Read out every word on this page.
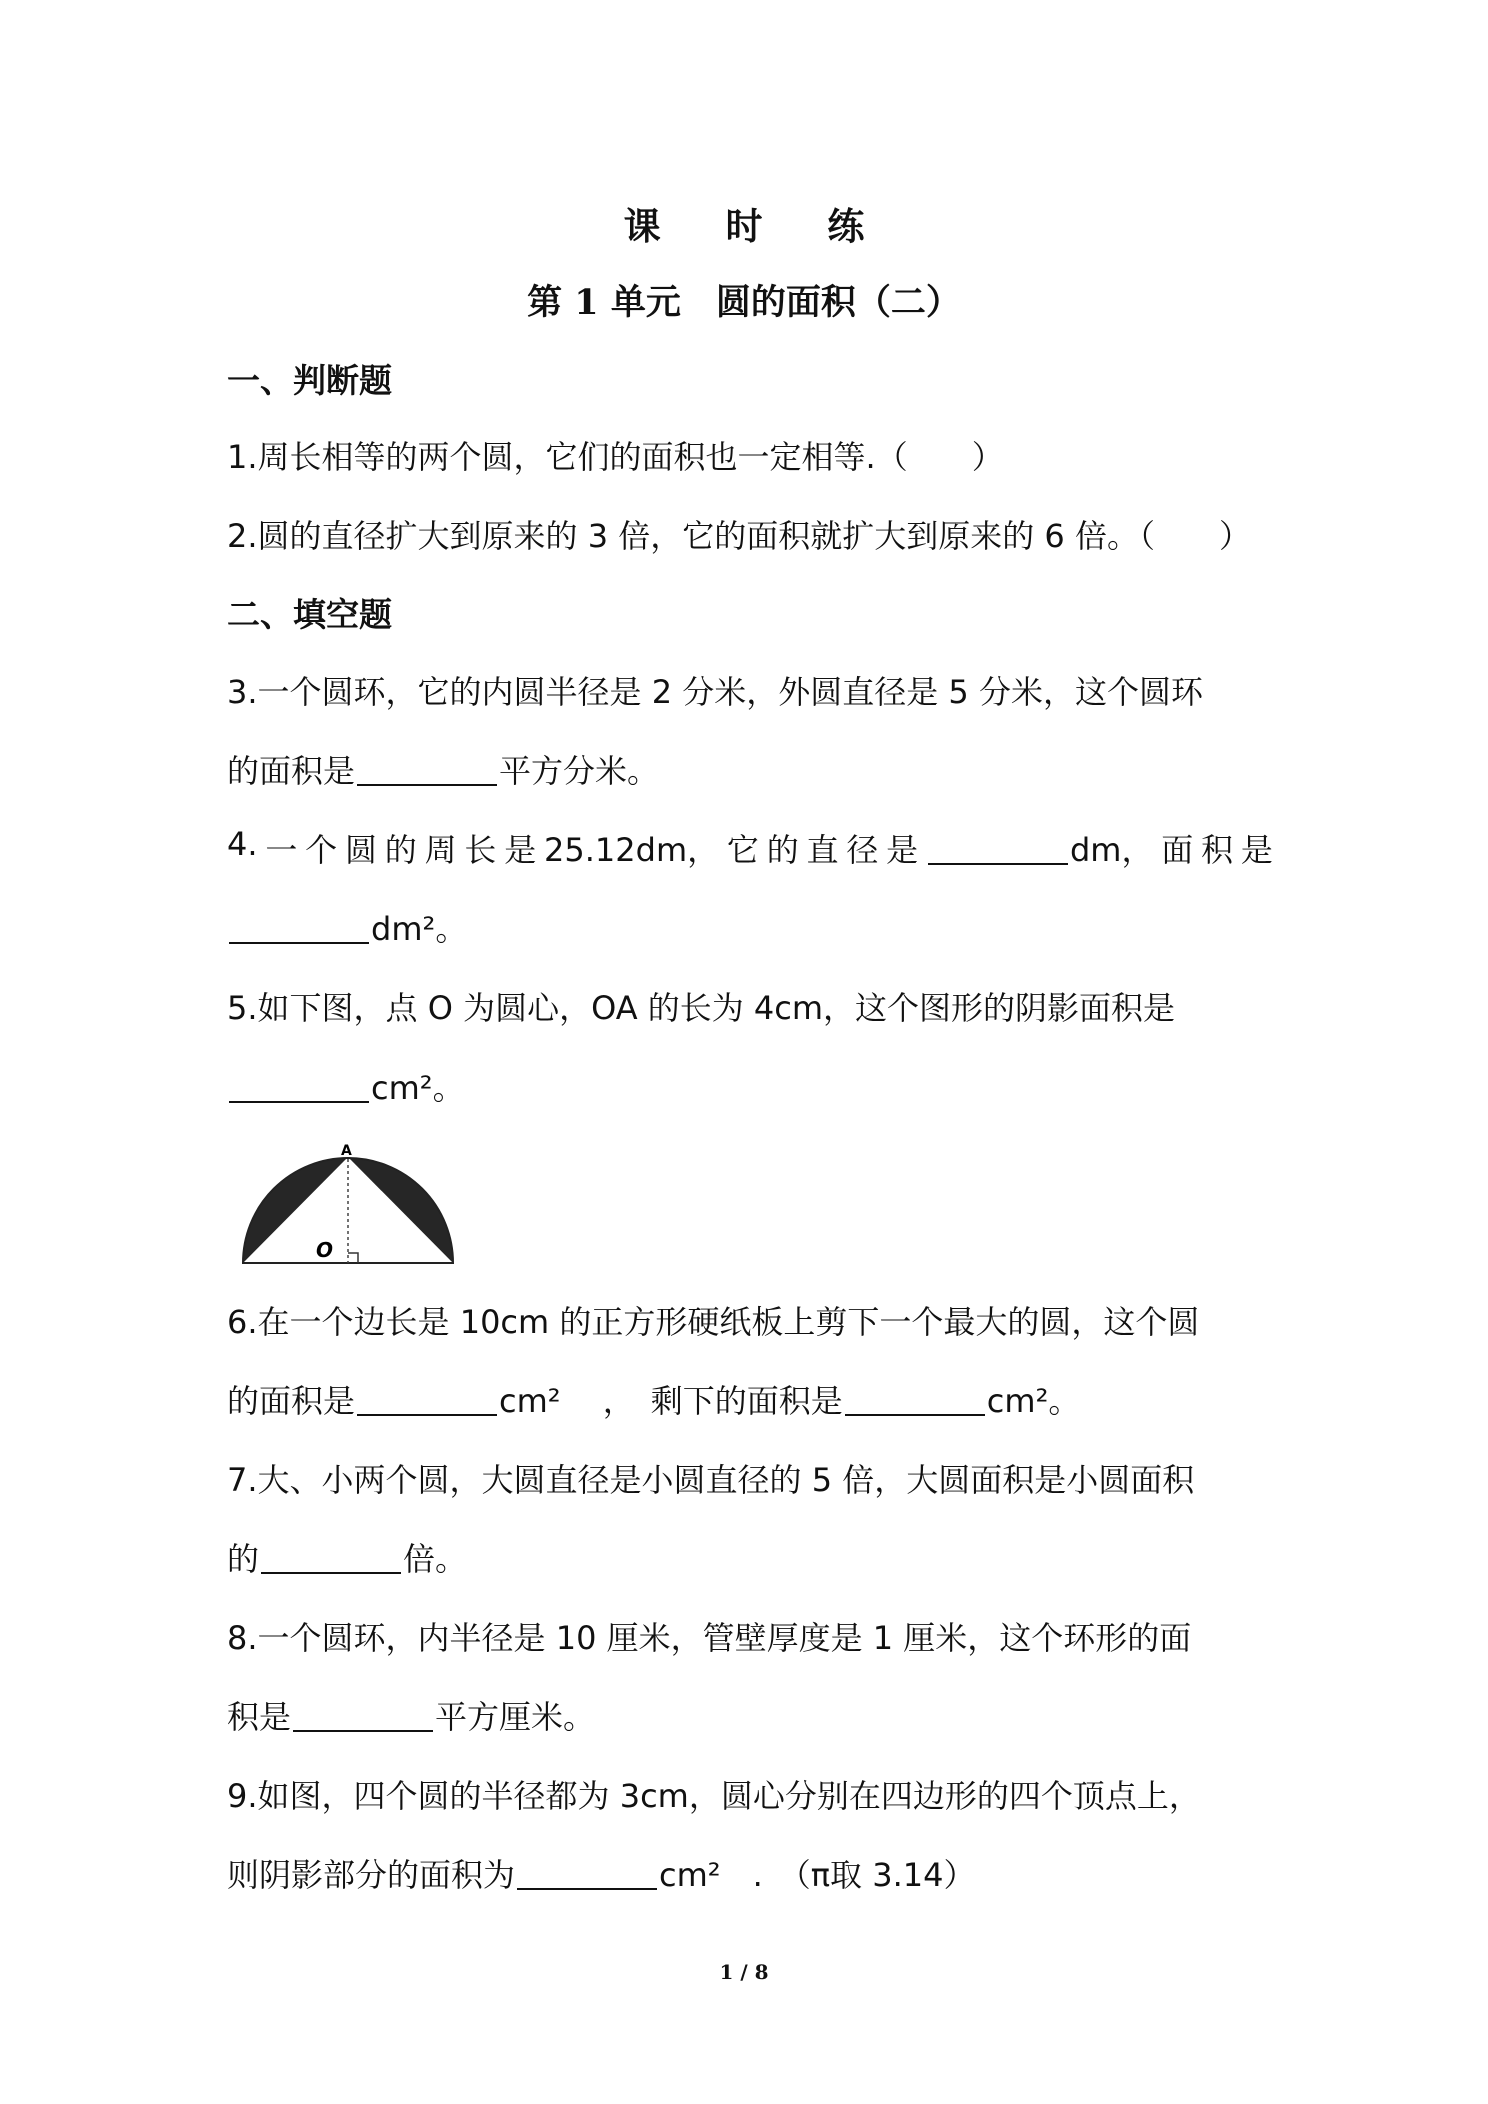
课 时 练
第 1 单元　圆的面积（二）
一、判断题
1.周长相等的两个圆，它们的面积也一定相等.（　　）
2.圆的直径扩大到原来的 3 倍，它的面积就扩大到原来的 6 倍。（　　）
二、填空题
3.一个圆环，它的内圆半径是 2 分米，外圆直径是 5 分米，这个圆环
的面积是	平方分米。
4. 一 个 圆 的 周 长 是 25.12dm， 它 的 直 径 是	dm， 面 积 是
dm²。
5.如下图，点 O 为圆心，OA 的长为 4cm，这个图形的阴影面积是
cm²。
A
O
6.在一个边长是 10cm 的正方形硬纸板上剪下一个最大的圆，这个圆
的面积是	cm²　 ，　剩下的面积是	cm²。
7.大、小两个圆，大圆直径是小圆直径的 5 倍，大圆面积是小圆面积
的	倍。
8.一个圆环，内半径是 10 厘米，管壁厚度是 1 厘米，这个环形的面
积是	平方厘米。
9.如图，四个圆的半径都为 3cm，圆心分别在四边形的四个顶点上，
则阴影部分的面积为	cm²　.　（π取 3.14）
1 / 8
